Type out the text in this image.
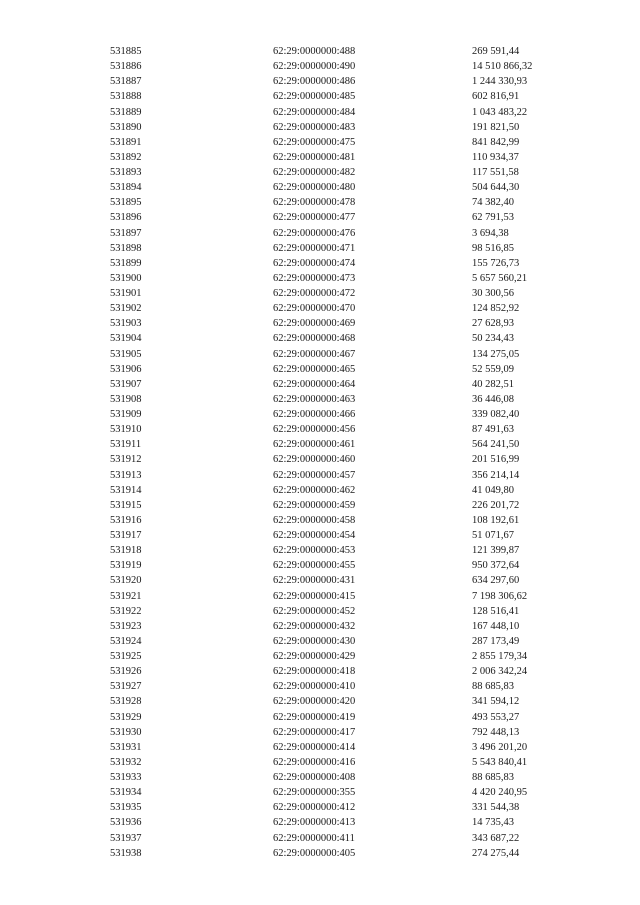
531885	62:29:0000000:488	269 591,44
531886	62:29:0000000:490	14 510 866,32
531887	62:29:0000000:486	1 244 330,93
531888	62:29:0000000:485	602 816,91
531889	62:29:0000000:484	1 043 483,22
531890	62:29:0000000:483	191 821,50
531891	62:29:0000000:475	841 842,99
531892	62:29:0000000:481	110 934,37
531893	62:29:0000000:482	117 551,58
531894	62:29:0000000:480	504 644,30
531895	62:29:0000000:478	74 382,40
531896	62:29:0000000:477	62 791,53
531897	62:29:0000000:476	3 694,38
531898	62:29:0000000:471	98 516,85
531899	62:29:0000000:474	155 726,73
531900	62:29:0000000:473	5 657 560,21
531901	62:29:0000000:472	30 300,56
531902	62:29:0000000:470	124 852,92
531903	62:29:0000000:469	27 628,93
531904	62:29:0000000:468	50 234,43
531905	62:29:0000000:467	134 275,05
531906	62:29:0000000:465	52 559,09
531907	62:29:0000000:464	40 282,51
531908	62:29:0000000:463	36 446,08
531909	62:29:0000000:466	339 082,40
531910	62:29:0000000:456	87 491,63
531911	62:29:0000000:461	564 241,50
531912	62:29:0000000:460	201 516,99
531913	62:29:0000000:457	356 214,14
531914	62:29:0000000:462	41 049,80
531915	62:29:0000000:459	226 201,72
531916	62:29:0000000:458	108 192,61
531917	62:29:0000000:454	51 071,67
531918	62:29:0000000:453	121 399,87
531919	62:29:0000000:455	950 372,64
531920	62:29:0000000:431	634 297,60
531921	62:29:0000000:415	7 198 306,62
531922	62:29:0000000:452	128 516,41
531923	62:29:0000000:432	167 448,10
531924	62:29:0000000:430	287 173,49
531925	62:29:0000000:429	2 855 179,34
531926	62:29:0000000:418	2 006 342,24
531927	62:29:0000000:410	88 685,83
531928	62:29:0000000:420	341 594,12
531929	62:29:0000000:419	493 553,27
531930	62:29:0000000:417	792 448,13
531931	62:29:0000000:414	3 496 201,20
531932	62:29:0000000:416	5 543 840,41
531933	62:29:0000000:408	88 685,83
531934	62:29:0000000:355	4 420 240,95
531935	62:29:0000000:412	331 544,38
531936	62:29:0000000:413	14 735,43
531937	62:29:0000000:411	343 687,22
531938	62:29:0000000:405	274 275,44
